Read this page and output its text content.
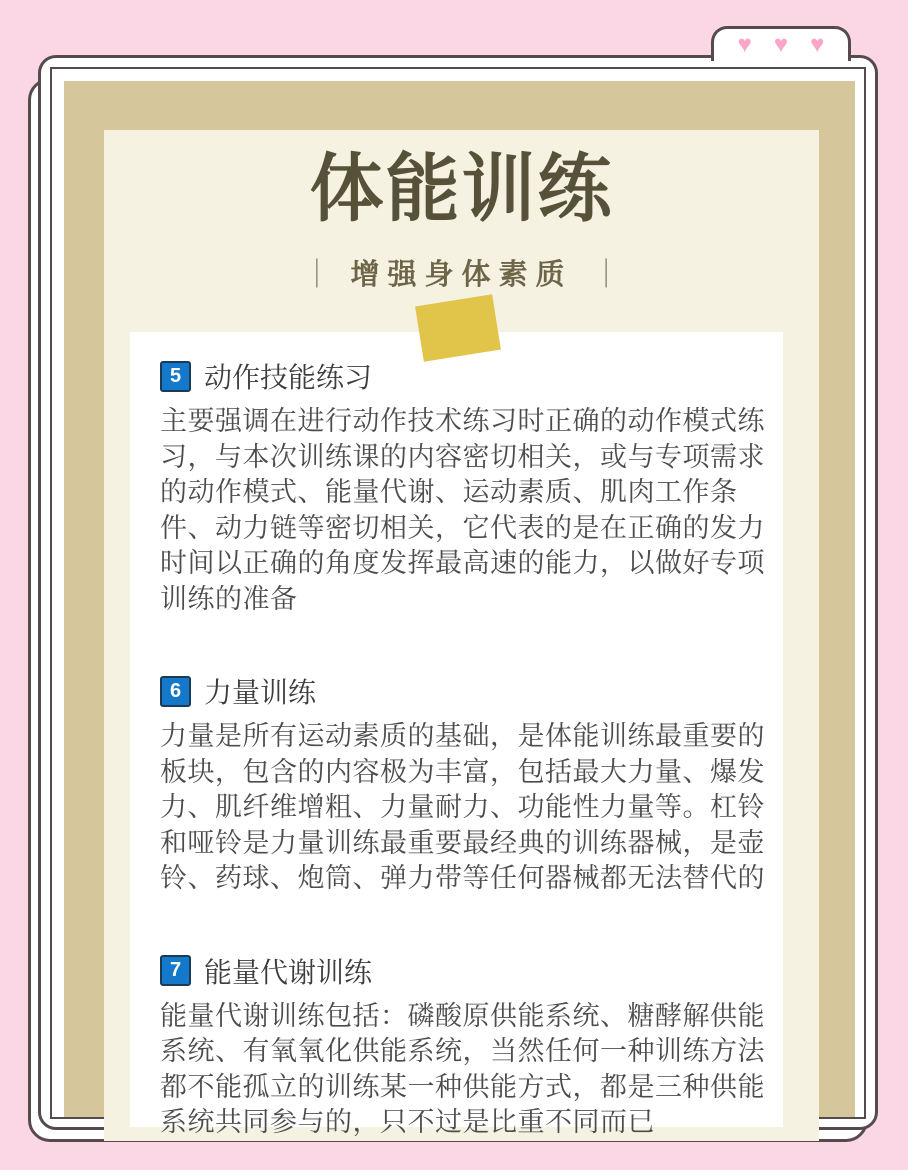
♥ ♥ ♥
体能训练
｜ 增强身体素质 ｜
5 动作技能练习

主要强调在进行动作技术练习时正确的动作模式练习，与本次训练课的内容密切相关，或与专项需求的动作模式、能量代谢、运动素质、肌肉工作条件、动力链等密切相关，它代表的是在正确的发力时间以正确的角度发挥最高速的能力，以做好专项训练的准备

6 力量训练

力量是所有运动素质的基础，是体能训练最重要的板块，包含的内容极为丰富，包括最大力量、爆发力、肌纤维增粗、力量耐力、功能性力量等。杠铃和哑铃是力量训练最重要最经典的训练器械，是壶铃、药球、炮筒、弹力带等任何器械都无法替代的

7 能量代谢训练

能量代谢训练包括：磷酸原供能系统、糖酵解供能系统、有氧氧化供能系统，当然任何一种训练方法都不能孤立的训练某一种供能方式，都是三种供能系统共同参与的，只不过是比重不同而已
